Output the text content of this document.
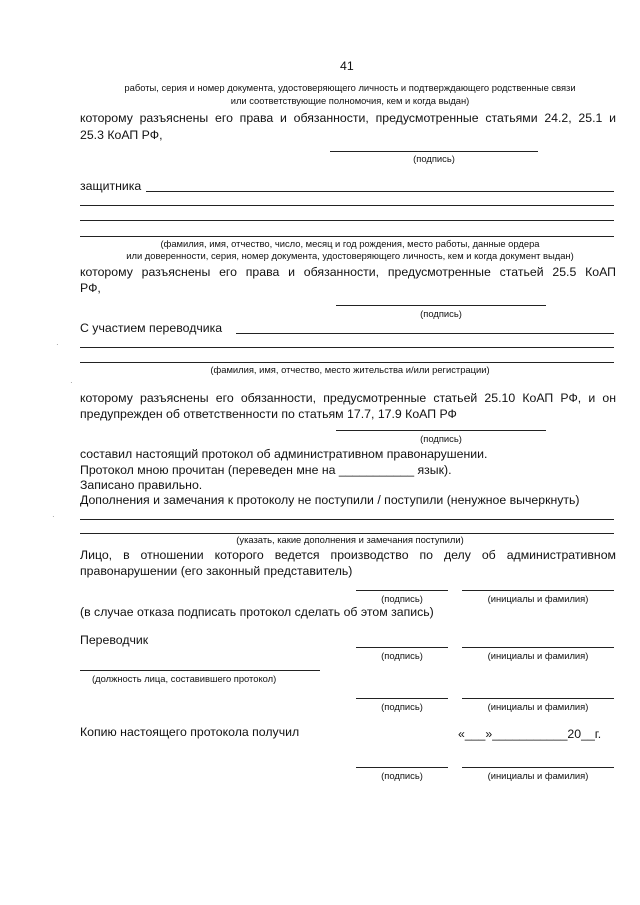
41
работы, серия и номер документа, удостоверяющего личность и подтверждающего родственные связи
или соответствующие полномочия, кем и когда выдан)
которому разъяснены его права и обязанности, предусмотренные статьями 24.2, 25.1 и
25.3 КоАП РФ,
(подпись)
защитника
(фамилия, имя, отчество, число, месяц и год рождения, место работы, данные ордера
или доверенности, серия, номер документа, удостоверяющего личность, кем и когда документ выдан)
которому разъяснены его права и обязанности, предусмотренные статьей 25.5 КоАП
РФ,
(подпись)
С участием переводчика
(фамилия, имя, отчество, место жительства и/или регистрации)
которому разъяснены его обязанности, предусмотренные статьей 25.10 КоАП РФ, и он
предупрежден об ответственности по статьям 17.7, 17.9 КоАП РФ
(подпись)
составил настоящий протокол об административном правонарушении.
Протокол мною прочитан (переведен мне на ___________ язык).
Записано правильно.
Дополнения и замечания к протоколу не поступили / поступили (ненужное вычеркнуть)
(указать, какие дополнения и замечания поступили)
Лицо, в отношении которого ведется производство по делу об административном
правонарушении (его законный представитель)
(подпись)	(инициалы и фамилия)
(в случае отказа подписать протокол сделать об этом запись)
Переводчик
(подпись)	(инициалы и фамилия)
(должность лица, составившего протокол)
(подпись)	(инициалы и фамилия)
Копию настоящего протокола получил	«___»___________20__г.
(подпись)	(инициалы и фамилия)
·
·
·
